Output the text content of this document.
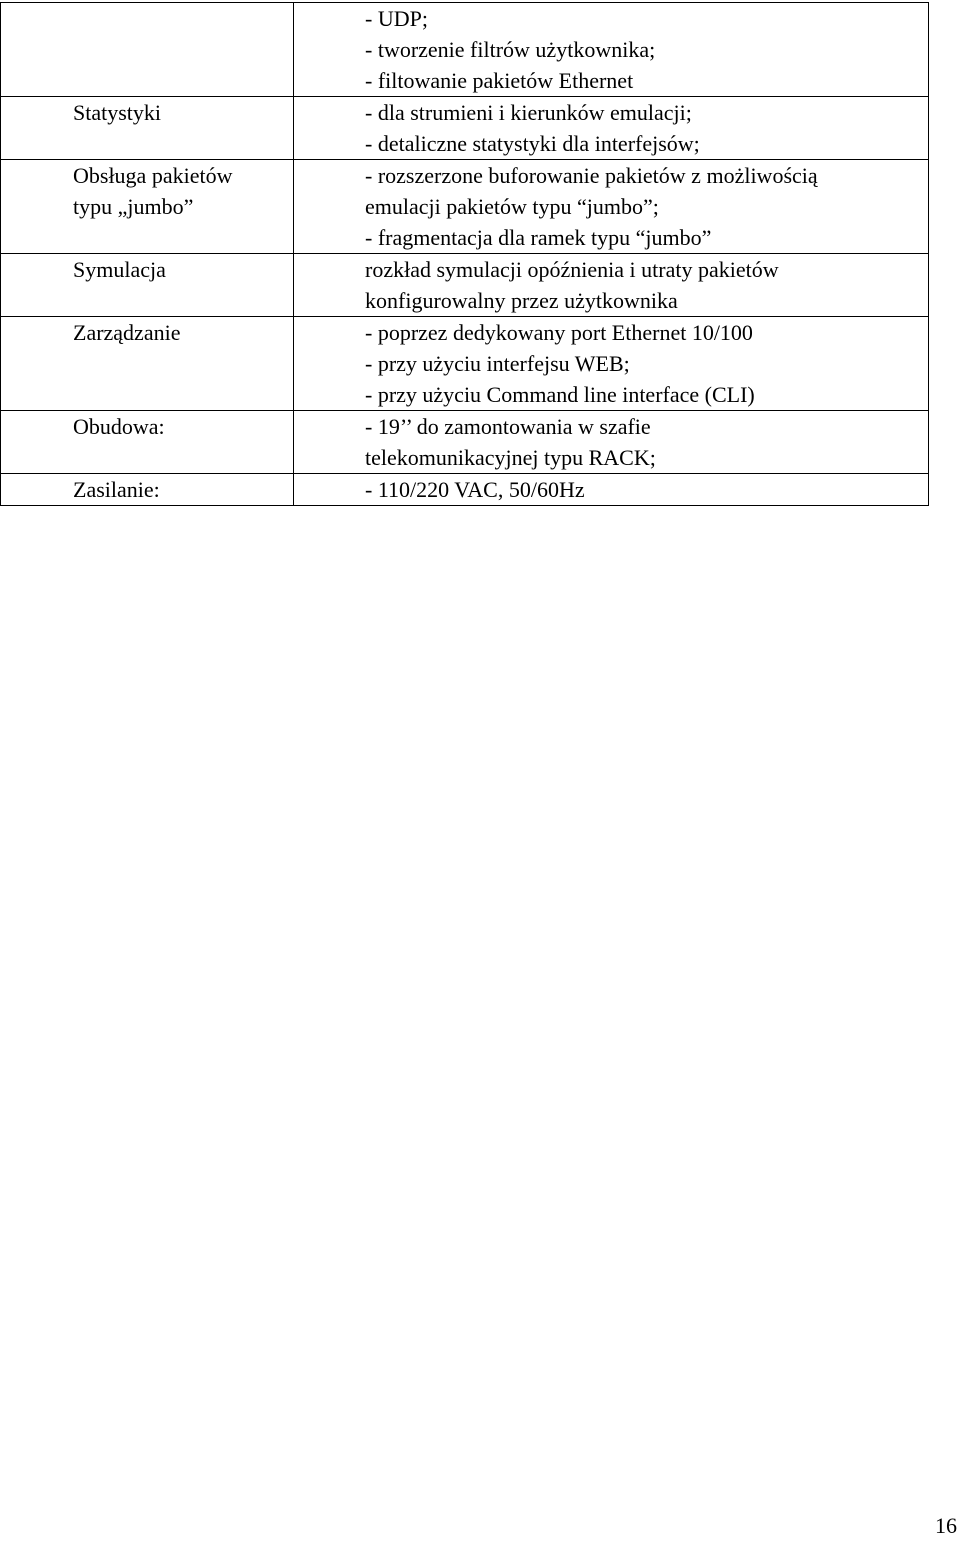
	- UDP;
- tworzenie filtrów użytkownika;
- filtowanie pakietów Ethernet

Statystyki	- dla strumieni i kierunków emulacji;
- detaliczne statystyki dla interfejsów;

Obsługa pakietów
typu „jumbo”	- rozszerzone buforowanie pakietów z możliwością
emulacji pakietów typu “jumbo”;
- fragmentacja dla ramek typu “jumbo”

Symulacja	rozkład symulacji opóźnienia i utraty pakietów
konfigurowalny przez użytkownika

Zarządzanie	- poprzez dedykowany port Ethernet 10/100
- przy użyciu interfejsu WEB;
- przy użyciu Command line interface (CLI)

Obudowa:	- 19’’ do zamontowania w szafie
telekomunikacyjnej typu RACK;

Zasilanie:	- 110/220 VAC, 50/60Hz
16
